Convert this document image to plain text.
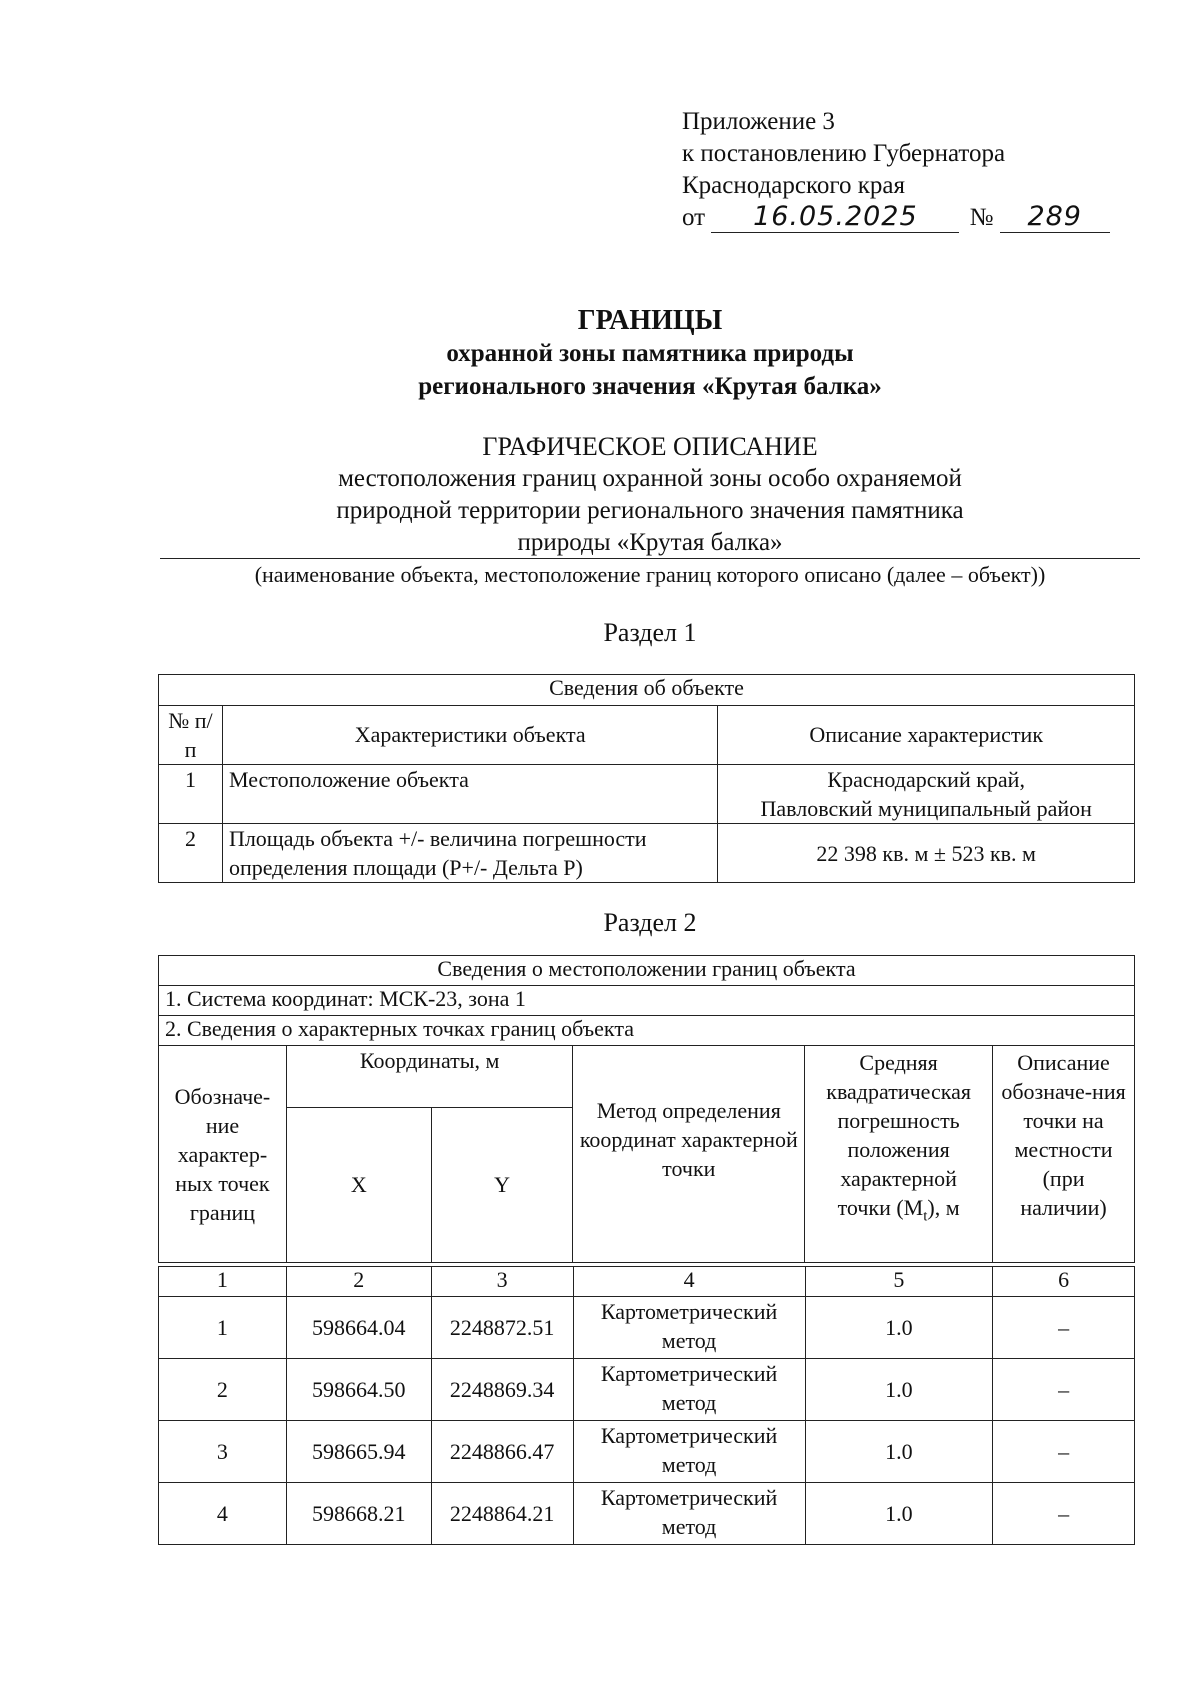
Приложение 3
к постановлению Губернатора
Краснодарского края
от 16.05.2025 № 289
ГРАНИЦЫ
охранной зоны памятника природы
регионального значения «Крутая балка»
ГРАФИЧЕСКОЕ ОПИСАНИЕ
местоположения границ охранной зоны особо охраняемой
природной территории регионального значения памятника
природы «Крутая балка»
(наименование объекта, местоположение границ которого описано (далее – объект))
Раздел 1
Сведения об объекте		
№ п/п	Характеристики объекта	Описание характеристик
1	Местоположение объекта	Краснодарский край,
Павловский муниципальный район

2	Площадь объекта +/- величина погрешности определения площади (P+/- Дельта P)	22 398 кв. м ± 523 кв. м
Раздел 2
Сведения о местоположении границ объекта					
1. Система координат: МСК-23, зона 1					
2. Сведения о характерных точках границ объекта					
Обозначе-ние характер-ных точек границ	Координаты, м		Метод определения координат характерной точки	Средняя квадратическая погрешность положения характерной точки $(M_t)$, м	Описание обозначе-ния точки на местности (при наличии)
	X	Y			
1	2	3	4	5	6
1	598664.04	2248872.51	Картометрический метод	1.0	–
2	598664.50	2248869.34	Картометрический метод	1.0	–
3	598665.94	2248866.47	Картометрический метод	1.0	–
4	598668.21	2248864.21	Картометрический метод	1.0	–
